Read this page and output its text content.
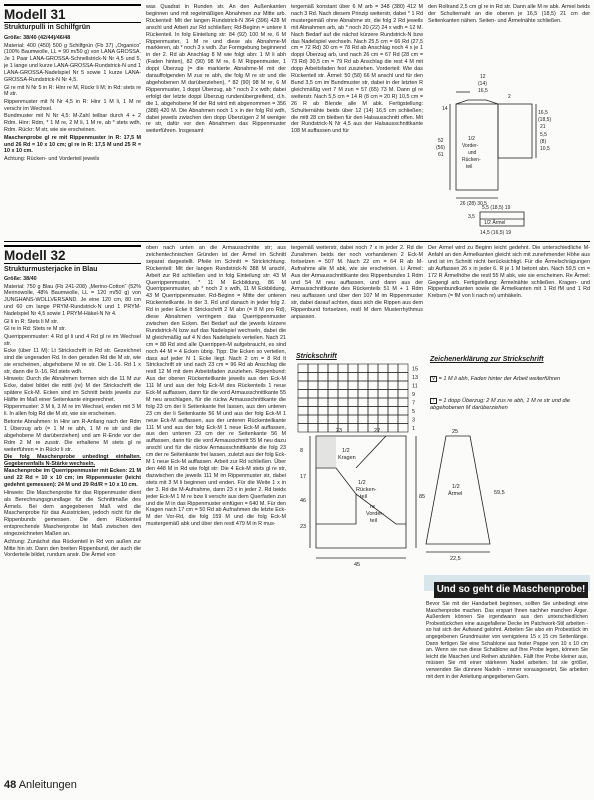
Modell 31
Strukturpulli in Schilfgrün

Größe: 38/40 (42/44)/46/48

Material: 400 (450) 500 g Schilfgrün (Fb 37) „Organico“ (100% Baumwolle, LL = 90 m/50 g) von LANA GROSSA. Je 1 Paar LANA-GROSSA-Schnellstrick-N Nr 4,5 und 5, je 1 lange und kurze LANA-GROSSA-Rundstrick-N und 1 LANA-GROSSA-Nadelspiel Nr 5 sowie 1 kurze LANA-GROSSA-Rundstrick-N Nr 4,5.

Gl re mit N Nr 5 in R: Hinr re M, Rückr li M; in Rd: stets re M str.

Rippenmuster mit N Nr 4,5 in R: Hinr 1 M li, 1 M re verschr im Wechsel.

Bundmuster mit N Nr 4,5: M-Zahl teilbar durch 4 + 2 Rdm. Hinr: Rdm, * 1 M re, 2 M li, 1 M re, ab * stets wdh, Rdm. Rückr: M str, wie sie erscheinen.

Maschenprobe gl re mit Rippenmuster in R: 17,5 M und 26 Rd = 10 x 10 cm; gl re in R: 17,5 M und 25 R = 10 x 10 cm.

Achtung: Rücken- und Vorderteil jeweils

was Quadrat in Runden str. An den Außenkanten beginnen und mit regelmäßigen Abnahmen zur Mitte arb. Rückenteil: Mit der langen Rundstrick-N 364 (396) 428 M anschl und Arbeit zur Rd schließen; Rd-Beginn = untere li Rückenteil. In folg Einteilung str: 84 (92) 100 M re, 6 M Rippenmuster, 1 M re und diese als Abnahme-M markieren, ab * noch 3 x wdh. Zur Formgebung beginnend in der 2. Rd ab Anschlag 8 M wie folgt abn: 1 M li abh (Faden hinten), 82 (90) 98 M re, 6 M Rippenmuster, 1 doppi Überzug (= die markierte Abnahme-M mit der darauffolgenden M zus re abh, die folg M re str und die abgehobenen M darüberziehen), * 82 (90) 98 M re, 6 M Rippenmuster, 1 doppi Überzug, ab * noch 2 x wdh; dabei erfolgt der letzte doppi Überzug rundenübergreifend, d.h. die 1. abgehobene M der Rd wird mit abgenommen = 356 (388) 420 M. Die Abnahmen noch 1 x in der folg Rd wdh, dabei jeweils zwischen den dopp Überzügen 2 M weniger re str, dafür vor den Abnahmen das Rippenmuster weiterführen. Insgesamt

tergemäß konstant über 6 M arb = 348 (380) 412 M nach 3 Rd. Nach diesem Prinzip weiterstr, dabei * 1 Rd mustergemäß ohne Abnahme str, die folg 2 Rd jeweils mit Abnahmen arb, ab * noch 20 (22) 24 x wdh = 12 M. Nach Bedarf auf die nächst kürzere Rundstrick-N bzw das Nadelspiel wechseln. Nach 25,5 cm = 66 Rd (27,5 cm = 72 Rd) 30 cm = 78 Rd ab Anschlag noch 4 x je 1 doppi Überzug arb, und nach 26 cm = 67 Rd (28 cm = 73 Rd) 30,5 cm = 79 Rd ab Anschlag die rest 4 M mit dopp Arbeitsfaden fest zusziehen. Vorderteil: Wie das Rückenteil str. Ärmel: 50 (58) 66 M anschl und für den Bund 3,5 cm im Bundmuster str, dabei in der letzten R gleichmäßig vert 7 M zun = 57 (65) 73 M. Dann gl re weiterstr. Nach 5,5 cm = 14 R (8 cm = 20 R) 10,5 cm = 26 R ab Blende alle M abk. Fertigstellung: Schulternähte beids über 12 (14) 16,5 cm schließen; die mitt 28 cm bleiben für den Halsausschnitt offen. Mit der Rundstrick-N Nr 4,5 aus der Halsausschnittkante 108 M auffassen und für

den Rollrand 2,5 cm gl re in Rd str. Dann alle M re abk. Ärmel beids der Schulternaht an die oberen je 16,5 (18,5) 21 cm der Seitenkanten nähen. Seiten- und Ärmelnähte schließen.

1/2
Vorder-
und
Rücken-
teil
52
(56)
61
12
(14)
16,5
16,5
(18,5)
21
5,5
(8)
10,5
14
2
26 (28) 30,5
1/2 Ärmel
3,5
5,5 (18,5) 19
14,5 (16,5) 19
Modell 32
Strukturmusterjacke in Blau

Größe: 38/40

Material: 750 g Blau (Fb 241-208) „Merino-Cotton“ (52% Merinowolle, 48% Baumwolle, LL = 120 m/50 g) von JUNGHANS-WOLLVERSAND. Je eine 120 cm, 80 cm und 60 cm lange PRYM-Rundstrick-N und 1 PRYM-Nadelspiel Nr 4,5 sowie 1 PRYM-Häkel-N Nr 4.

Gl li in R: Stets li M str.

Gl re in Rd: Stets re M str.

Querrippenmuster: 4 Rd gl li und 4 Rd gl re im Wechsel str.

Ecke (über 11 M): Lt Strickschrift in Rd str. Gezeichnet sind die ungeraden Rd. In den geraden Rd die M str, wie sie erscheinen, abgehobene M re str. Die 1.-16. Rd 1 x str, dann die 9.-16. Rd stets wdh.

Hinweis: Durch die Abnahmen formen sich die 11 M zur Ecke, dabei bildet die mittl (re) M der Strickschrift die spätere Eck-M. Ecken sind im Schnitt beids jeweils zur Hälfte im Maß einer Seitenkante eingerechnet.

Rippenmuster: 3 M li, 3 M re im Wechsel, enden mit 3 M li. In allen folg Rd die M str, wie sie erscheinen.

Betonte Abnahmen: In Hinr am R-Anfang nach der Rdm 1 Überzug arb (= 1 M re abh, 1 M re str und die abgehobene M darüberziehen) und am R-Ende vor der Rdm 2 M re zusstr. Die erhaltene M stets gl re weiterführen = in Rückr li str.

Die folg Maschenprobe unbedingt einhalten. Gegebenenfalls N-Stärke wechseln.

Maschenprobe im Querrippenmuster mit Ecken: 21 M und 22 Rd = 10 x 10 cm; im Rippenmuster (leicht gedehnt gemessen): 24 M und 29 Rd/R = 10 x 10 cm.

Hinweis: Die Maschenprobe für das Rippenmuster dient als Berechnungsgrundlage für die Schnittmaße des Ärmels. Bei dem angegebenen Maß wird die Maschenprobe für das Ausstricken, jedoch nicht für die Rippenbunds gemessen. Die dem Rückenteil entsprechende Maschenprobe ist Maß zwischen den eingezeichneten Maßen an.

Achtung: Zunächst das Rückenteil in Rd von außen zur Mitte hin str. Dann den breiten Rippenbund, der auch die Vorderteile bildet, rundum anstr. Die Ärmel von

oben nach unten an die Armausschnitte str; aus zeichentechnischen Gründen ist der Ärmel im Schnitt separat dargestellt. Pfeile im Schnitt = Strickrichtung. Rückenteil: Mit der langen Rundstrick-N 388 M anschl, Arbeit zur Rd schließen und in folg Einteilung str: 43 M Querrippenmuster, * 11 M Eckbildung, 86 M Querrippenmuster, ab * noch 2 x wdh, 11 M Eckbildung, 43 M Querrippenmuster. Rd-Beginn = Mitte der unteren Rückenteilkante. In der 3. Rd und danach in jeder folg 2. Rd in jeder Ecke lt Strickschrift 2 M abn (= 8 M pro Rd), diese Abnahmen verringern das Querrippenmuster zwischen den Ecken. Bei Bedarf auf die jeweils kürzere Rundstrick-N bzw auf das Nadelspiel wechseln, dabei die M gleichmäßig auf 4 N des Nadelspiels verteilen. Nach 21 cm = 88 Rd sind alle Querrippen-M aufgebraucht, es sind noch 44 M = 4 Ecken übrig. Tipp: Die Ecken so verteilen, dass auf jeder N 1 Ecke liegt. Nach 2 cm = 8 Rd lt Strickschrift str und nach 23 cm = 96 Rd ab Anschlag die restl 12 M mit dem Arbeitsfaden zusziehen. Rippenbund: Aus der oberen Rückenteilkante jeweils aus den Eck-M 111 M und aus der folg Eck-M des Rückenteils 1 neue Eck-M auffassen, dann für die vord Armausschnittkante 55 M neu anschlagen, für die rückw Armausschnittkante die folg 23 cm der li Seitenkante frei lassen, aus den unteren 23 cm der li Seitenkante 56 M und aus der folg Eck-M 1 neue Eck-M auffassen, aus der unteren Rückenteilkante 111 M und aus der folg Eck-M 1 neue Eck-M auffassen, aus den unteren 23 cm der re Seitenkante 56 M auffassen, dann für die vord Armausschnitt 55 M neu dazu anschl und für die rückw Armausschnittkante die folg 23 cm der re Seitenkante frei lassen, zuletzt aus der folg Eck-M 1 neue Eck-M auffassen. Arbeit zur Rd schließen. Über den 448 M in Rd wie folgt str: Die 4 Eck-M stets gl re str, dazwischen die jeweils 111 M im Rippenmuster str, dabei stets mit 3 M li beginnen und enden. Für die Weite 1 x in der 3. Rd die M-Aufnahme, dann 23 x in jeder 2. Rd beids jeder Eck-M 1 M re bzw li verschr aus dem Querfaden zun und die M in das Rippenmuster einfügen = 640 M. Für den Kragen nach 17 cm = 50 Rd ab Aufnahmen die letzte Eck-M der Vor-Rd, die folg 159 M und die folg Eck-M mustergemäß abk und über den restl 479 M in R mus-

tergemäß weiterstr, dabei noch 7 x in jeder 2. Rd die Zunahmen beids der noch vorhandenen 2 Eck-M fortsetzen = 507 M. Nach 22 cm = 64 R ab M-Aufnahme alle M abk, wie sie erscheinen. Li Ärmel: Aus der Armausschnittkante des Rippenbundes 1 Rdm und 54 M neu auffassen, und dann aus der Armausschnittkante des Rückenteils 51 M + 1 Rdm neu auffassen und über den 107 M im Rippenmuster str, dabei darauf achten, dass sich die Rippen aus dem Rippenbund fortsetzen, restl M dem Musterrhythmus anpassen.

Der Ärmel wird zu Beginn leicht gedehnt. Die unterschiedliche M-Anfahl an den Ärmelkanten gleicht sich mit zunehmender Höhe aus und ist im Schnitt nicht berücksichtigt. Für die Ärmelschrägungen ab Auffassen 26 x in jeder 6. R je 1 M betont abn. Nach 59,5 cm = 172 R Ärmelhöhe die restl 55 M abk, wie sie erscheinen. Re Ärmel: Gegengl arb. Fertigstellung: Ärmelnähte schließen. Kragen- und Rippenbundkanten sowie die Ärmelkanten mit 1 Rd fM und 1 Rd Krebsm (= fM von li nach re) umhäkeln.

Strickschrift
15
13
11
9
7
5
3
1
Zeichenerklärung zur Strickschrift
V = 1 M li abh, Faden hinter der Arbeit weiterführen
↑ = 1 dopp Überzug: 2 M zus re abh, 1 M re str und die abgehobenen M darüberziehen
23	22
8
17
46
23
85
45
1/2
Kragen
1/2
Rücken-
teil
re
Vorder-
teil
1/2
Ärmel
25
59,5
22,5
Und so geht die Maschenprobe!
Bevor Sie mit der Handarbeit beginnen, sollten Sie unbedingt eine Maschenprobe machen. Das erspart Ihnen nachher manchen Ärger. Außerdem können Sie irgendwann aus den unterschiedlichen Probestückchen eine ausgefallene Decke im Patchwork-Stil arbeiten - so hat sich der Aufwand gelohnt. Arbeiten Sie also ein Probestück im angegebenen Grundmuster von wenigstens 15 x 15 cm Seitenlänge. Dann fertigen Sie eine Schablone aus fester Pappe von 10 x 10 cm an. Wenn sie nun diese Schablone auf Ihre Probe legen, können Sie leicht die Maschen und Reihen abzählen. Fällt Ihre Probe kleiner aus, müssen Sie mit einer stärkeren Nadel arbeiten. Ist sie größer, verwenden Sie dünnere Nadeln - immer vorausgesetzt, Sie arbeiten mit dem in der Anleitung angegebenen Garn.
48 Anleitungen
